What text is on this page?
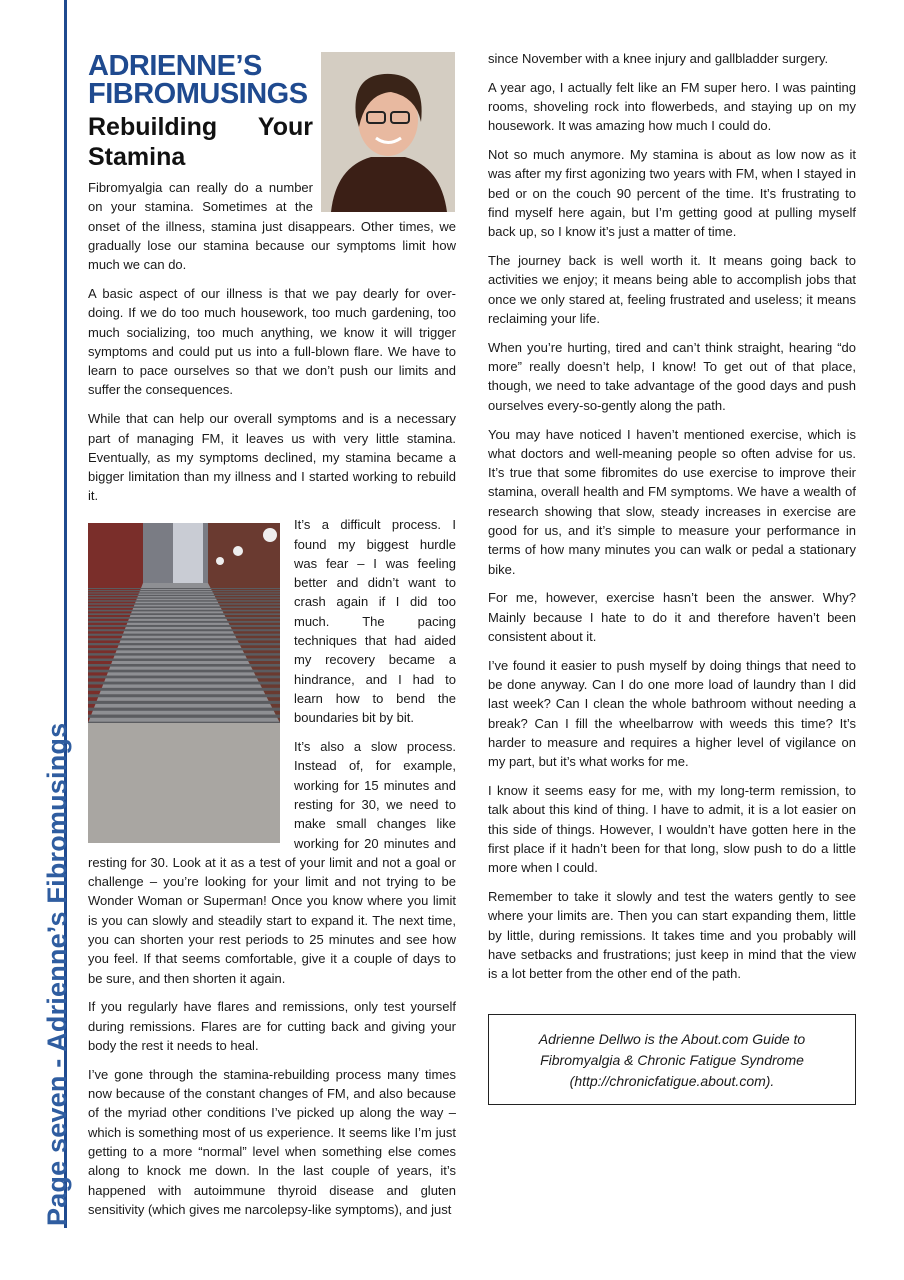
Page seven - Adrienne’s Fibromusings
ADRIENNE’S FIBROMUSINGS
Rebuilding Your Stamina

Fibromyalgia can really do a number on your stamina. Sometimes at the onset of the illness, stamina just disappears. Other times, we gradually lose our stamina because our symptoms limit how much we can do.

A basic aspect of our illness is that we pay dearly for over-doing. If we do too much housework, too much gardening, too much socializing, too much anything, we know it will trigger symptoms and could put us into a full-blown flare. We have to learn to pace ourselves so that we don’t push our limits and suffer the consequences.

While that can help our overall symptoms and is a necessary part of managing FM, it leaves us with very little stamina. Eventually, as my symptoms declined, my stamina became a bigger limitation than my illness and I started working to rebuild it.

It’s a difficult process. I found my biggest hurdle was fear – I was feeling better and didn’t want to crash again if I did too much. The pacing techniques that had aided my recovery became a hindrance, and I had to learn how to bend the boundaries bit by bit.

It’s also a slow process. Instead of, for example, working for 15 minutes and resting for 30, we need to make small changes like working for 20 minutes and resting for 30. Look at it as a test of your limit and not a goal or challenge – you’re looking for your limit and not trying to be Wonder Woman or Superman! Once you know where you limit is you can slowly and steadily start to expand it. The next time, you can shorten your rest periods to 25 minutes and see how you feel. If that seems comfortable, give it a couple of days to be sure, and then shorten it again.

If you regularly have flares and remissions, only test yourself during remissions. Flares are for cutting back and giving your body the rest it needs to heal.

I’ve gone through the stamina-rebuilding process many times now because of the constant changes of FM, and also because of the myriad other conditions I’ve picked up along the way – which is something most of us experience. It seems like I’m just getting to a more “normal” level when something else comes along to knock me down. In the last couple of years, it’s happened with autoimmune thyroid disease and gluten sensitivity (which gives me narcolepsy-like symptoms), and just

since November with a knee injury and gallbladder surgery.

A year ago, I actually felt like an FM super hero. I was painting rooms, shoveling rock into flowerbeds, and staying up on my housework. It was amazing how much I could do.

Not so much anymore. My stamina is about as low now as it was after my first agonizing two years with FM, when I stayed in bed or on the couch 90 percent of the time. It’s frustrating to find myself here again, but I’m getting good at pulling myself back up, so I know it’s just a matter of time.

The journey back is well worth it. It means going back to activities we enjoy; it means being able to accomplish jobs that once we only stared at, feeling frustrated and useless; it means reclaiming your life.

When you’re hurting, tired and can’t think straight, hearing “do more” really doesn’t help, I know! To get out of that place, though, we need to take advantage of the good days and push ourselves every-so-gently along the path.

You may have noticed I haven’t mentioned exercise, which is what doctors and well-meaning people so often advise for us. It’s true that some fibromites do use exercise to improve their stamina, overall health and FM symptoms. We have a wealth of research showing that slow, steady increases in exercise are good for us, and it’s simple to measure your performance in terms of how many minutes you can walk or pedal a stationary bike.

For me, however, exercise hasn’t been the answer. Why? Mainly because I hate to do it and therefore haven’t been consistent about it.

I’ve found it easier to push myself by doing things that need to be done anyway. Can I do one more load of laundry than I did last week? Can I clean the whole bathroom without needing a break? Can I fill the wheelbarrow with weeds this time? It’s harder to measure and requires a higher level of vigilance on my part, but it’s what works for me.

I know it seems easy for me, with my long-term remission, to talk about this kind of thing. I have to admit, it is a lot easier on this side of things. However, I wouldn’t have gotten here in the first place if it hadn’t been for that long, slow push to do a little more when I could.

Remember to take it slowly and test the waters gently to see where your limits are. Then you can start expanding them, little by little, during remissions. It takes time and you probably will have setbacks and frustrations; just keep in mind that the view is a lot better from the other end of the path.

Adrienne Dellwo is the About.com Guide to
Fibromyalgia & Chronic Fatigue Syndrome
(http://chronicfatigue.about.com).
